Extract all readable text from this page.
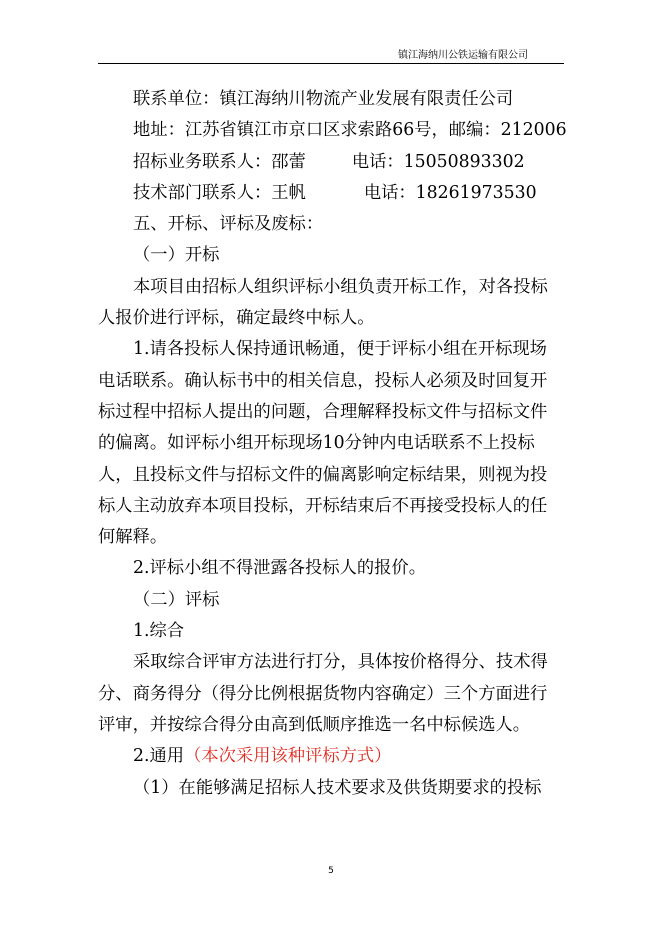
镇江海纳川公铁运输有限公司
联系单位：镇江海纳川物流产业发展有限责任公司
地址：江苏省镇江市京口区求索路66号，邮编：212006
招标业务联系人：邵蕾	电话：15050893302
技术部门联系人：王帆	电话：18261973530
五、开标、评标及废标：
（一）开标
本项目由招标人组织评标小组负责开标工作，对各投标
人报价进行评标，确定最终中标人。
1.请各投标人保持通讯畅通，便于评标小组在开标现场
电话联系。确认标书中的相关信息，投标人必须及时回复开
标过程中招标人提出的问题，合理解释投标文件与招标文件
的偏离。如评标小组开标现场10分钟内电话联系不上投标
人，且投标文件与招标文件的偏离影响定标结果，则视为投
标人主动放弃本项目投标，开标结束后不再接受投标人的任
何解释。
2.评标小组不得泄露各投标人的报价。
（二）评标
1.综合
采取综合评审方法进行打分，具体按价格得分、技术得
分、商务得分（得分比例根据货物内容确定）三个方面进行
评审，并按综合得分由高到低顺序推选一名中标候选人。
2.通用（本次采用该种评标方式）
（1）在能够满足招标人技术要求及供货期要求的投标
5
